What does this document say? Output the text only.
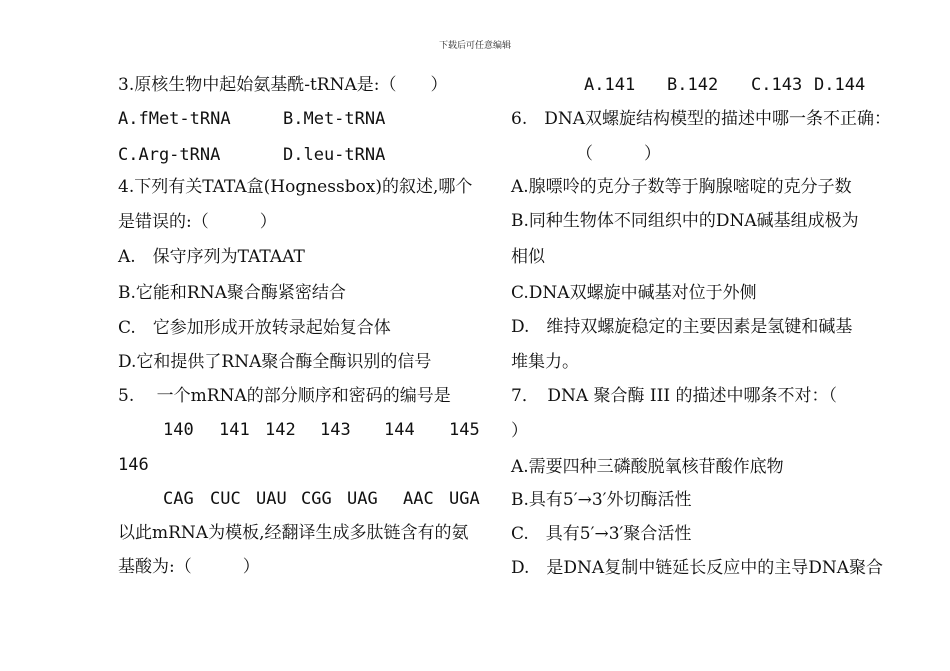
下载后可任意编辑
3.原核生物中起始氨基酰-tRNA是:（　　）
A.fMet-tRNA	B.Met-tRNA
C.Arg-tRNA	D.leu-tRNA
4.下列有关TATA盒(Hognessbox)的叙述,哪个
是错误的:（　　　）
A.　保守序列为TATAAT
B.它能和RNA聚合酶紧密结合
C.　它参加形成开放转录起始复合体
D.它和提供了RNA聚合酶全酶识别的信号
5.　 一个mRNA的部分顺序和密码的编号是
140 141 142 143 144 145
146
CAG CUC UAU CGG UAG AAC UGA
以此mRNA为模板,经翻译生成多肽链含有的氨
基酸为:（　　　）
A.141 B.142 C.143 D.144
6.　DNA双螺旋结构模型的描述中哪一条不正确：
（　　　）
A.腺嘌呤的克分子数等于胸腺嘧啶的克分子数
B.同种生物体不同组织中的DNA碱基组成极为
相似
C.DNA双螺旋中碱基对位于外侧
D.　维持双螺旋稳定的主要因素是氢键和碱基
堆集力。
7．　DNA 聚合酶 III 的描述中哪条不对：（
）
A.需要四种三磷酸脱氧核苷酸作底物
B.具有5′→3′外切酶活性
C.　具有5′→3′聚合活性
D.　是DNA复制中链延长反应中的主导DNA聚合
